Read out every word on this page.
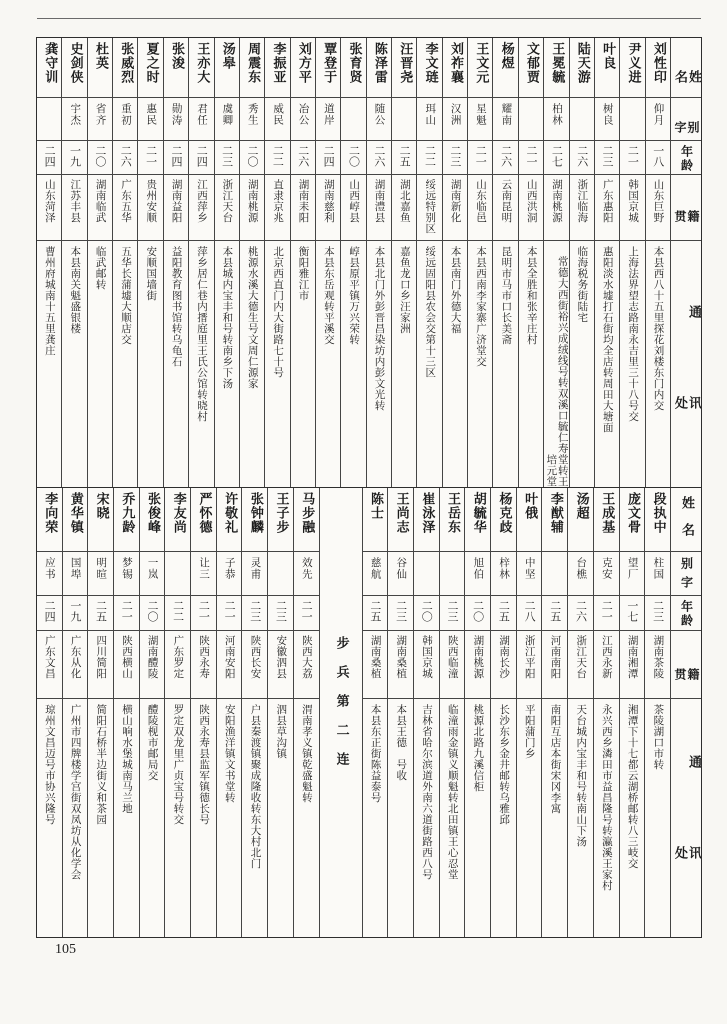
姓名
别字
年龄
籍贯
通讯处
刘性印
仰月
一八
山东巨野
本县西八十五里探花刘楼东门内交
尹义进
二一
韩国京城
上海法界望志路南永吉里三十八号交
叶良
树良
二三
广东惠阳
惠阳淡水墟打石街均全店转周田大塘面
陆天游
二六
浙江临海
临海税务街陆宅
王冕毓
柏林
二七
湖南桃源
常德大西街裕兴成绒线号转双溪口毓仁寿堂转王培元堂
文郁贾
二一
山西洪洞
本县全胜和张辛庄村
杨煜
耀南
二六
云南昆明
昆明市马市口长美斋
王文元
星魁
二一
山东临邑
本县西南李家寨广济堂交
刘祚襄
汉洲
二三
湖南新化
本县南门外德大福
李文琏
珥山
二二
绥远特别区
绥远固阳县农会交第十三区
汪晋尧
二五
湖北嘉鱼
嘉鱼龙口乡汪家洲
陈泽雷
随公
二六
湖南澧县
本县北门外彭晋昌染坊内彭文光转
张育贤
二〇
山西崞县
崞县原平镇万兴荣转
覃登于
道岸
二四
湖南慈利
本县东岳观转平溪交
刘方平
冶公
二六
湖南耒阳
衡阳雅江市
李振亚
威民
二二
直隶京兆
北京西直门内大街路七十号
周震东
秀生
二〇
湖南桃源
桃源水溪大德生号文周仁源家
汤皋
虞卿
二三
浙江天台
本县城内宝丰和号转南乡下汤
王亦大
君任
二四
江西萍乡
萍乡居仁巷内搢庭里王氏公馆转晓村
张浚
勋涛
二四
湖南益阳
益阳教育图书馆转乌龟石
夏之时
惠民
二一
贵州安顺
安顺国墙街
张威烈
重初
二六
广东五华
五华长蒲墟大顺店交
杜英
省齐
二〇
湖南临武
临武邮转
史剑侠
宇杰
一九
江苏丰县
本县南关魁盛银楼
龚守训
二四
山东菏泽
曹州府城南十五里龚庄
姓名
别字
年龄
籍贯
通讯处
段执中
柱国
二三
湖南茶陵
茶陵湖口市转
庞文骨
望厂
一七
湖南湘潭
湘潭下十七都云湖桥邮转八三岐交
王成基
克安
二一
江西永新
永兴西乡潾田市益昌隆号转瀛溪王家村
汤超
台樵
二六
浙江天台
天台城内宝丰和号转南山下汤
李猷辅
二五
河南南阳
南阳互店本街宋冈李寓
叶俄
中坚
二八
浙江平阳
平阳蒲门乡
杨克歧
梓林
二五
湖南长沙
长沙东乡金井邮转乌雅邱
胡毓华
旭伯
二〇
湖南桃源
桃源北路九溪信柜
王岳东
二三
陕西临潼
临潼雨金镇义顺魁转北田镇王心忍堂
崔泳泽
二〇
韩国京城
吉林省哈尔滨道外南六道街路西八号
王尚志
谷仙
二三
湖南桑植
本县王德　号收
陈士
慈航
二五
湖南桑植
本县东正街陈益泰号
步兵第二连
马步融
效先
二一
陕西大荔
渭南孝义镇乾盛魁转
王子步
二三
安徽泗县
泗县草沟镇
张钟麟
灵甫
二三
陕西长安
户县秦渡镇聚成隆收转东大村北门
许敬礼
子恭
二一
河南安阳
安阳渔洋镇文书堂转
严怀德
让三
二一
陕西永寿
陕西永寿县监军镇德长号
李友尚
二二
广东罗定
罗定双龙里广贞宝号转交
张俊峰
一岚
二〇
湖南醴陵
醴陵枧市邮局交
乔九龄
梦锡
二一
陕西横山
横山响水堡城南马兰地
宋晓
明暄
二五
四川简阳
简阳石桥半边街义和茶园
黄华镇
国埠
一九
广东从化
广州市四牌楼学宫街双凤坊从化学会
李向荣
应书
二四
广东文昌
琼州文昌迈号市协兴隆号
105
